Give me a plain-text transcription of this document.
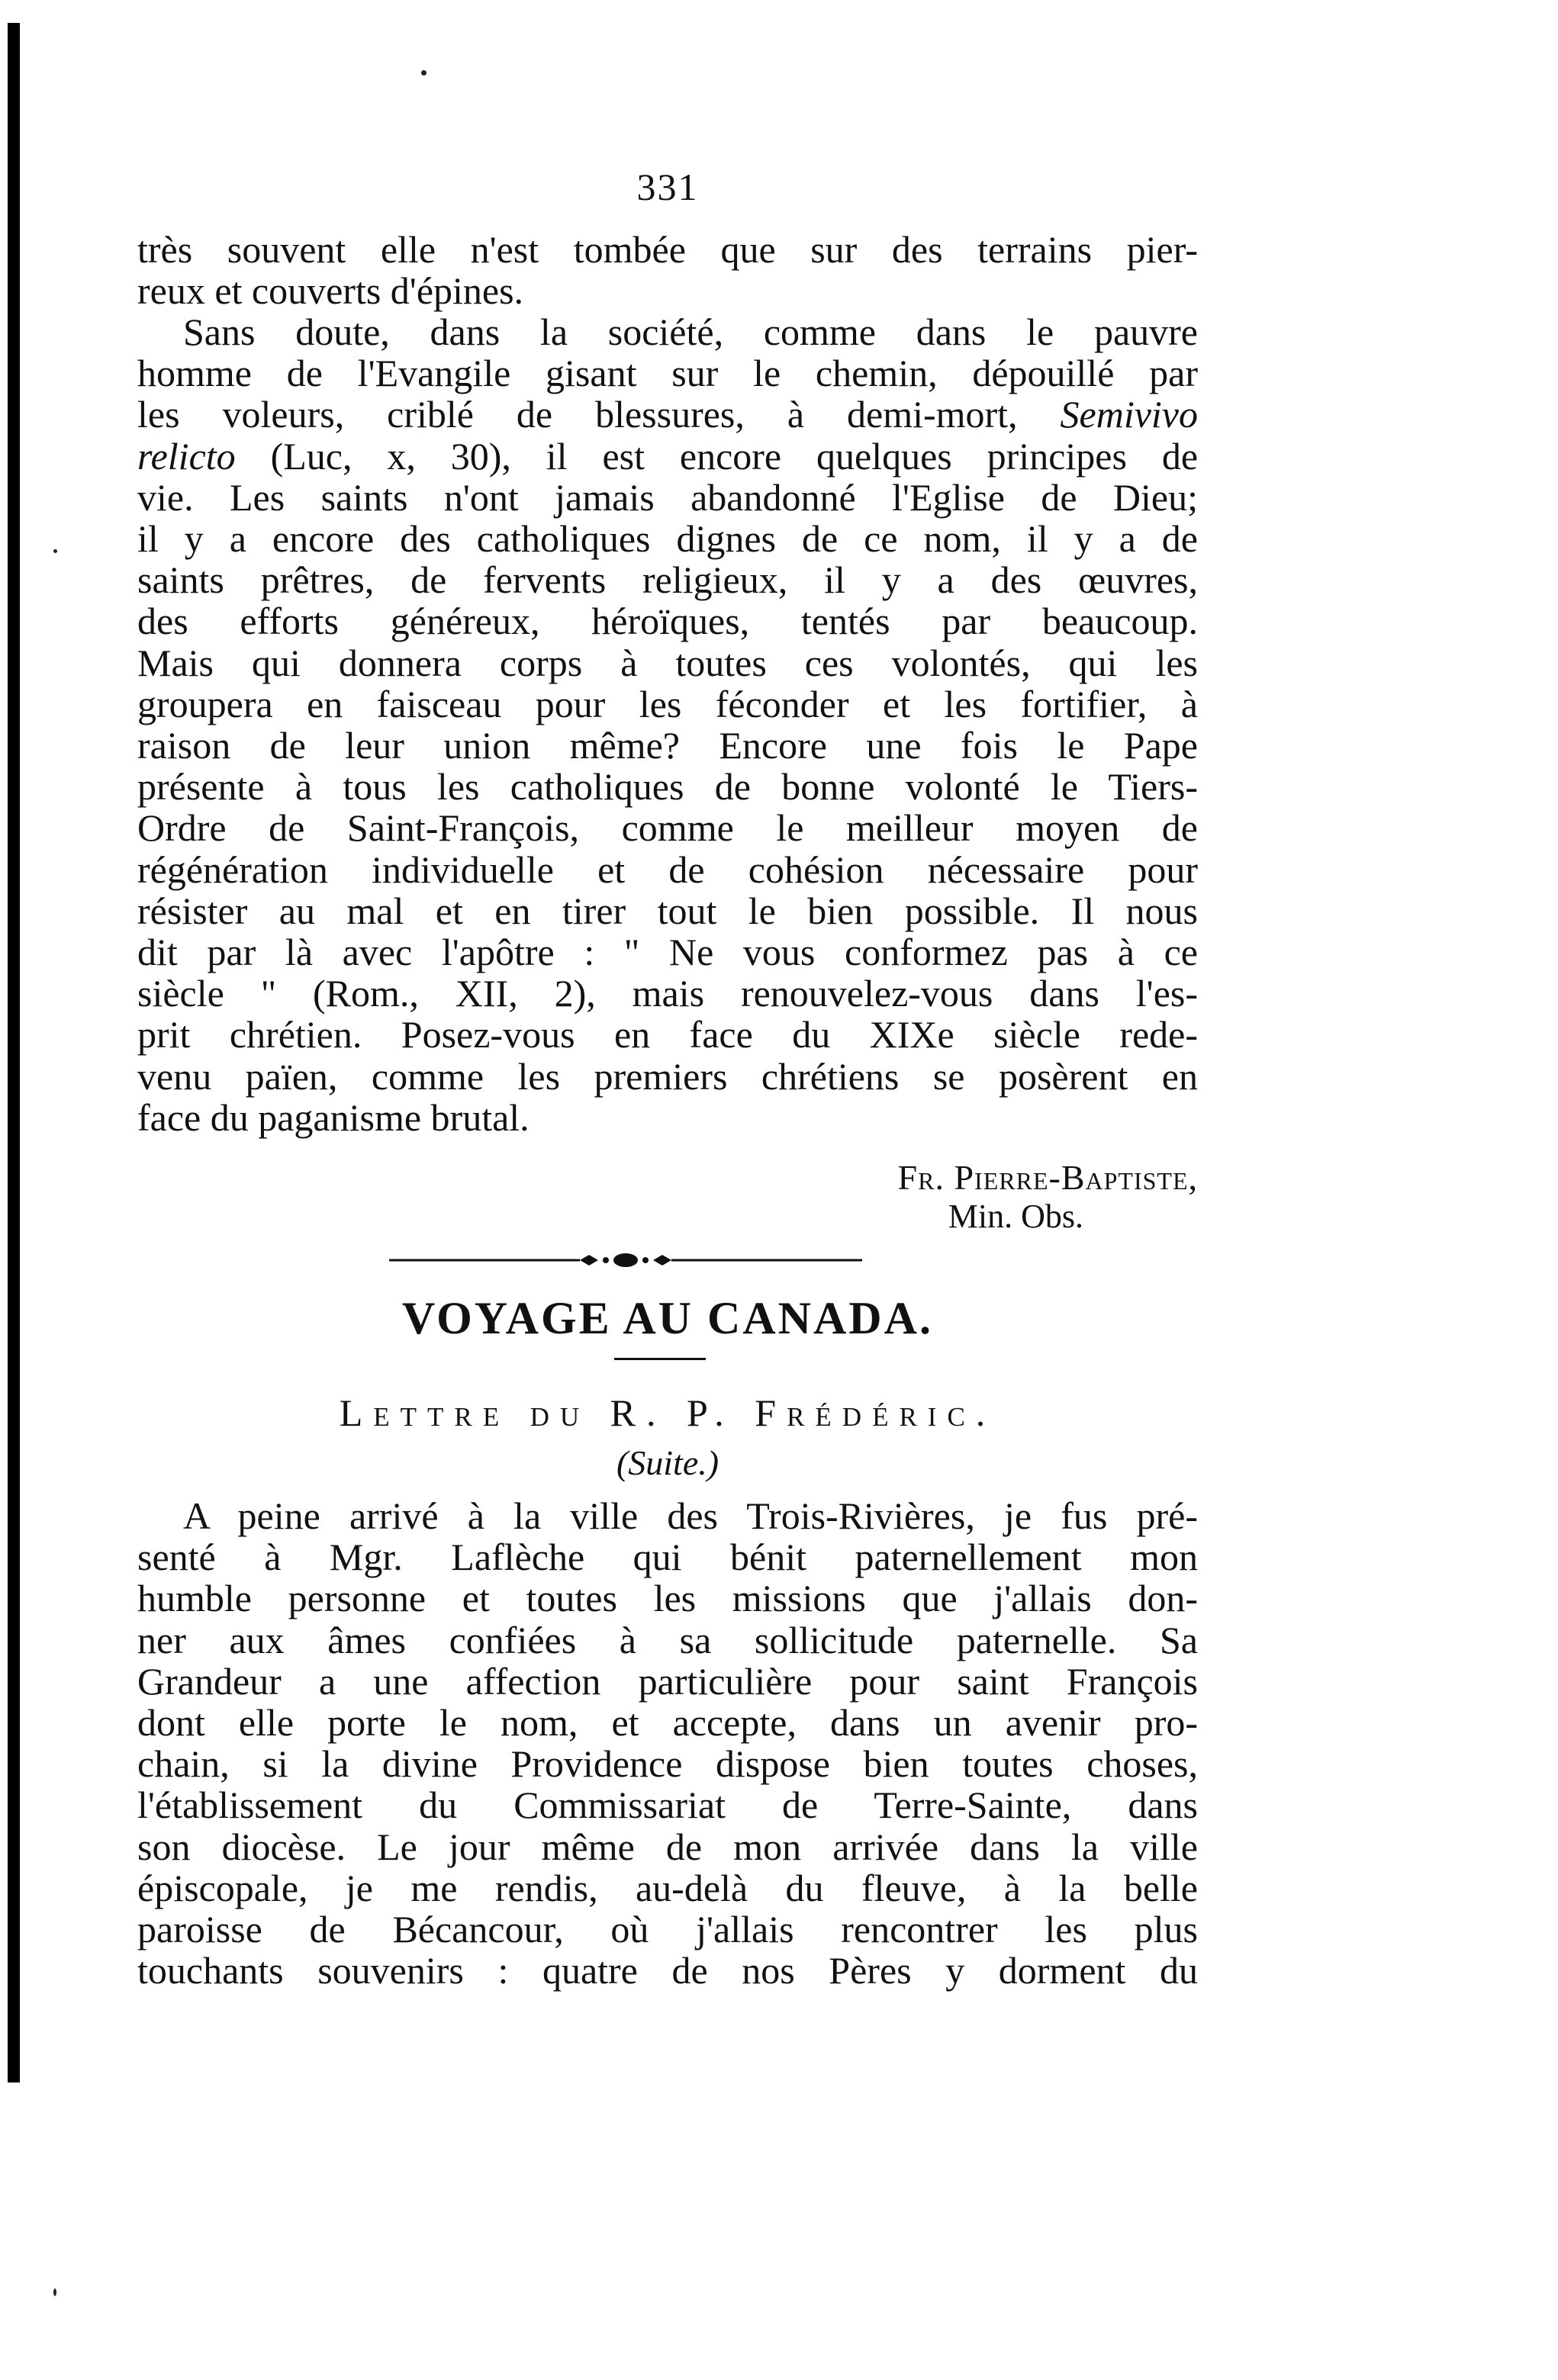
331
très souvent elle n'est tombée que sur des terrains pier-
reux et couverts d'épines.
Sans doute, dans la société, comme dans le pauvre
homme de l'Evangile gisant sur le chemin, dépouillé par
les voleurs, criblé de blessures, à demi-mort, Semivivo
relicto (Luc, x, 30), il est encore quelques principes de
vie. Les saints n'ont jamais abandonné l'Eglise de Dieu;
il y a encore des catholiques dignes de ce nom, il y a de
saints prêtres, de fervents religieux, il y a des œuvres,
des efforts généreux, héroïques, tentés par beaucoup.
Mais qui donnera corps à toutes ces volontés, qui les
groupera en faisceau pour les féconder et les fortifier, à
raison de leur union même? Encore une fois le Pape
présente à tous les catholiques de bonne volonté le Tiers-
Ordre de Saint-François, comme le meilleur moyen de
régénération individuelle et de cohésion nécessaire pour
résister au mal et en tirer tout le bien possible. Il nous
dit par là avec l'apôtre : " Ne vous conformez pas à ce
siècle " (Rom., XII, 2), mais renouvelez-vous dans l'es-
prit chrétien. Posez-vous en face du XIXe siècle rede-
venu païen, comme les premiers chrétiens se posèrent en
face du paganisme brutal.
Fr. Pierre-Baptiste,
Min. Obs.
VOYAGE AU CANADA.
Lettre du R. P. Frédéric.
(Suite.)
A peine arrivé à la ville des Trois-Rivières, je fus pré-
senté à Mgr. Laflèche qui bénit paternellement mon
humble personne et toutes les missions que j'allais don-
ner aux âmes confiées à sa sollicitude paternelle. Sa
Grandeur a une affection particulière pour saint François
dont elle porte le nom, et accepte, dans un avenir pro-
chain, si la divine Providence dispose bien toutes choses,
l'établissement du Commissariat de Terre-Sainte, dans
son diocèse. Le jour même de mon arrivée dans la ville
épiscopale, je me rendis, au-delà du fleuve, à la belle
paroisse de Bécancour, où j'allais rencontrer les plus
touchants souvenirs : quatre de nos Pères y dorment du
